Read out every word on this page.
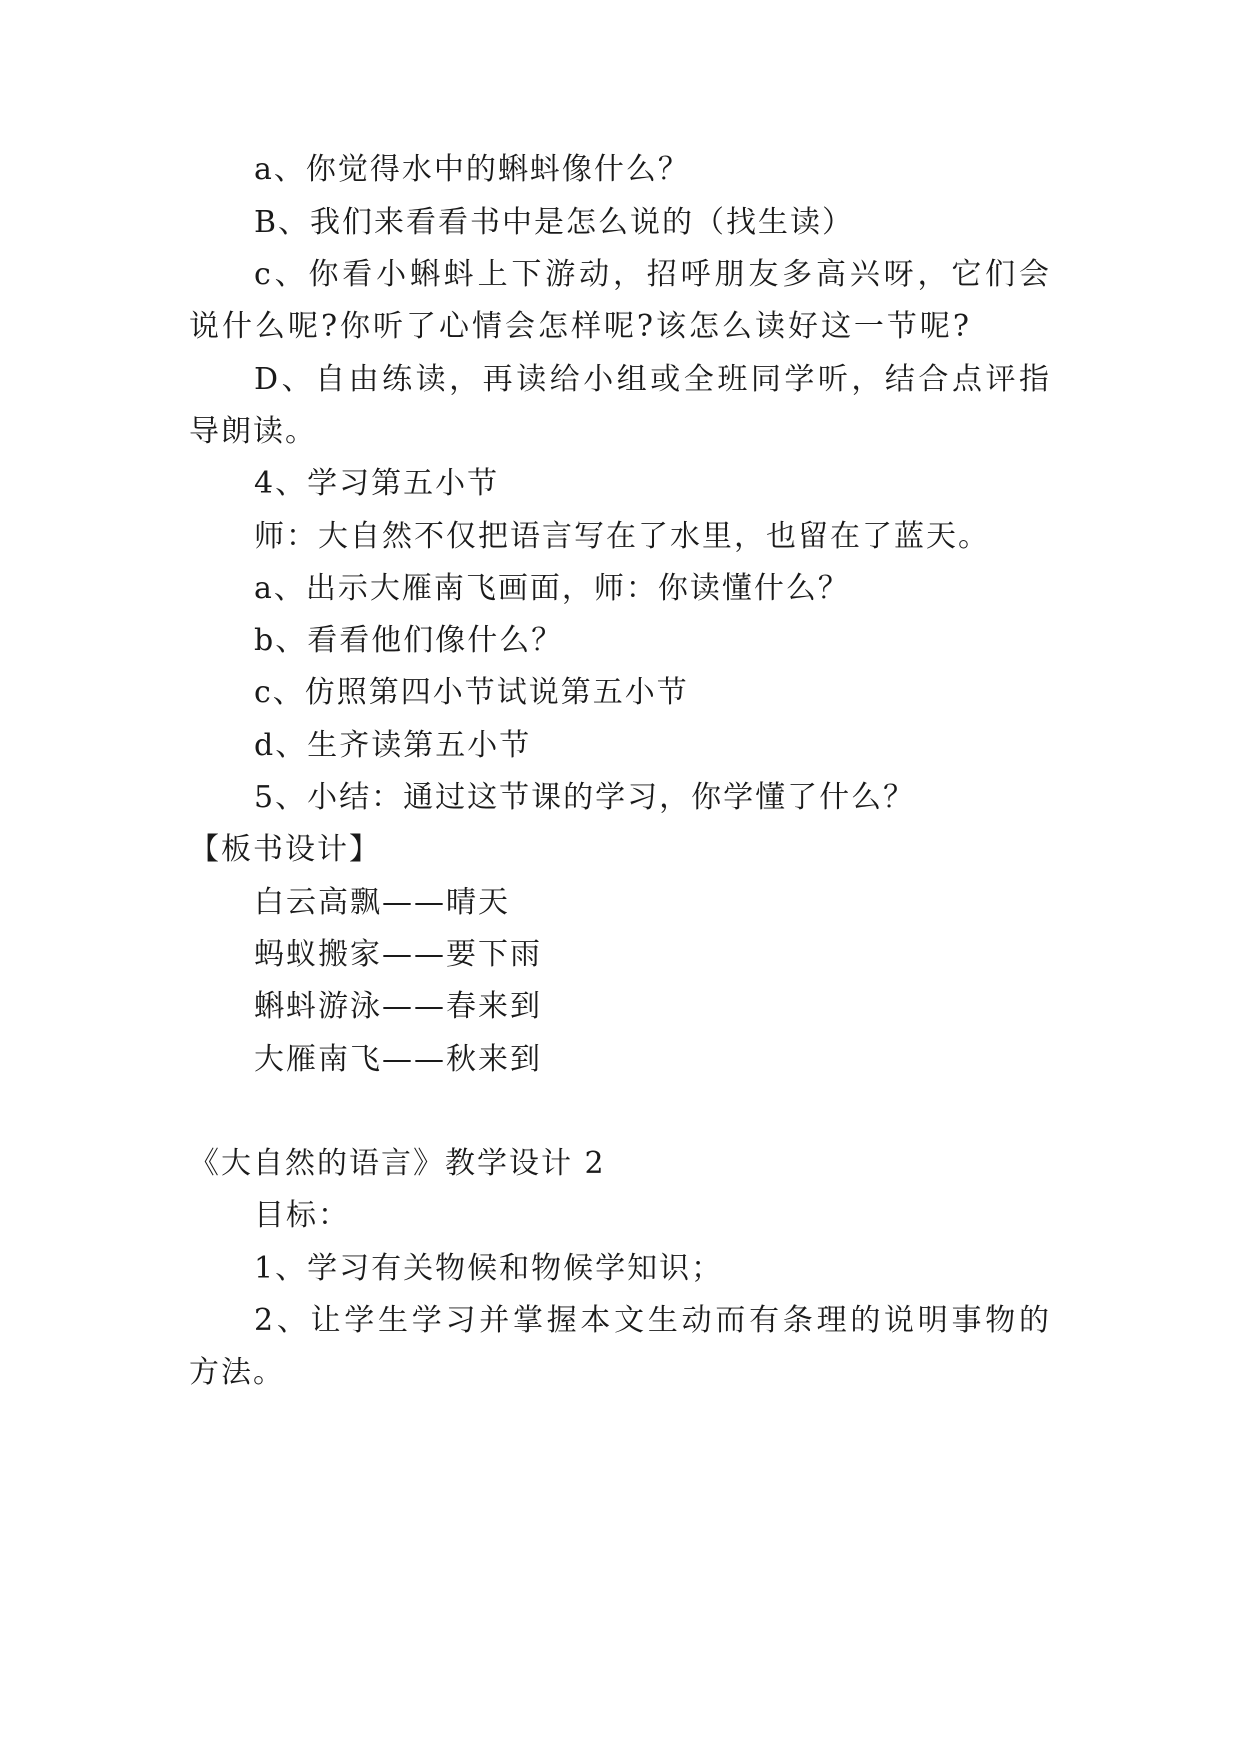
a、你觉得水中的蝌蚪像什么？
B、我们来看看书中是怎么说的（找生读）
c、你看小蝌蚪上下游动，招呼朋友多高兴呀，它们会
说什么呢?你听了心情会怎样呢?该怎么读好这一节呢?
D、自由练读，再读给小组或全班同学听，结合点评指
导朗读。
4、学习第五小节
师：大自然不仅把语言写在了水里，也留在了蓝天。
a、出示大雁南飞画面，师：你读懂什么？
b、看看他们像什么？
c、仿照第四小节试说第五小节
d、生齐读第五小节
5、小结：通过这节课的学习，你学懂了什么？
【板书设计】
白云高飘——晴天
蚂蚁搬家——要下雨
蝌蚪游泳——春来到
大雁南飞——秋来到
《大自然的语言》教学设计 2
目标：
1、学习有关物候和物候学知识；
2、让学生学习并掌握本文生动而有条理的说明事物的
方法。
